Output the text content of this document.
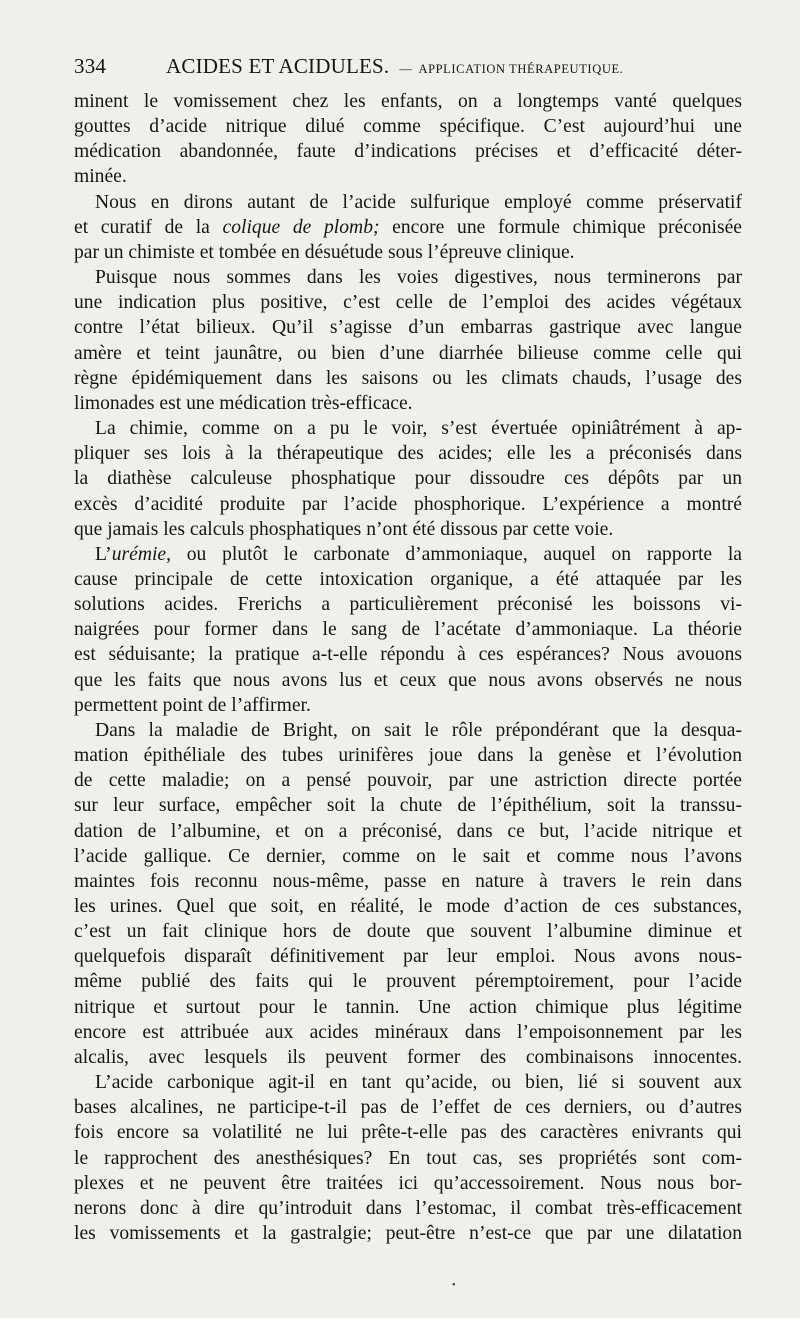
334	ACIDES ET ACIDULES. — APPLICATION THÉRAPEUTIQUE.
minent le vomissement chez les enfants, on a longtemps vanté quelques
gouttes d’acide nitrique dilué comme spécifique. C’est aujourd’hui une
médication abandonnée, faute d’indications précises et d’efficacité déter-
minée.
Nous en dirons autant de l’acide sulfurique employé comme préservatif
et curatif de la colique de plomb; encore une formule chimique préconisée
par un chimiste et tombée en désuétude sous l’épreuve clinique.
Puisque nous sommes dans les voies digestives, nous terminerons par
une indication plus positive, c’est celle de l’emploi des acides végétaux
contre l’état bilieux. Qu’il s’agisse d’un embarras gastrique avec langue
amère et teint jaunâtre, ou bien d’une diarrhée bilieuse comme celle qui
règne épidémiquement dans les saisons ou les climats chauds, l’usage des
limonades est une médication très-efficace.
La chimie, comme on a pu le voir, s’est évertuée opiniâtrément à ap-
pliquer ses lois à la thérapeutique des acides; elle les a préconisés dans
la diathèse calculeuse phosphatique pour dissoudre ces dépôts par un
excès d’acidité produite par l’acide phosphorique. L’expérience a montré
que jamais les calculs phosphatiques n’ont été dissous par cette voie.
L’urémie, ou plutôt le carbonate d’ammoniaque, auquel on rapporte la
cause principale de cette intoxication organique, a été attaquée par les
solutions acides. Frerichs a particulièrement préconisé les boissons vi-
naigrées pour former dans le sang de l’acétate d’ammoniaque. La théorie
est séduisante; la pratique a-t-elle répondu à ces espérances? Nous avouons
que les faits que nous avons lus et ceux que nous avons observés ne nous
permettent point de l’affirmer.
Dans la maladie de Bright, on sait le rôle prépondérant que la desqua-
mation épithéliale des tubes urinifères joue dans la genèse et l’évolution
de cette maladie; on a pensé pouvoir, par une astriction directe portée
sur leur surface, empêcher soit la chute de l’épithélium, soit la transsu-
dation de l’albumine, et on a préconisé, dans ce but, l’acide nitrique et
l’acide gallique. Ce dernier, comme on le sait et comme nous l’avons
maintes fois reconnu nous-même, passe en nature à travers le rein dans
les urines. Quel que soit, en réalité, le mode d’action de ces substances,
c’est un fait clinique hors de doute que souvent l’albumine diminue et
quelquefois disparaît définitivement par leur emploi. Nous avons nous-
même publié des faits qui le prouvent péremptoirement, pour l’acide
nitrique et surtout pour le tannin. Une action chimique plus légitime
encore est attribuée aux acides minéraux dans l’empoisonnement par les
alcalis, avec lesquels ils peuvent former des combinaisons innocentes.
L’acide carbonique agit-il en tant qu’acide, ou bien, lié si souvent aux
bases alcalines, ne participe-t-il pas de l’effet de ces derniers, ou d’autres
fois encore sa volatilité ne lui prête-t-elle pas des caractères enivrants qui
le rapprochent des anesthésiques? En tout cas, ses propriétés sont com-
plexes et ne peuvent être traitées ici qu’accessoirement. Nous nous bor-
nerons donc à dire qu’introduit dans l’estomac, il combat très-efficacement
les vomissements et la gastralgie; peut-être n’est-ce que par une dilatation
•
